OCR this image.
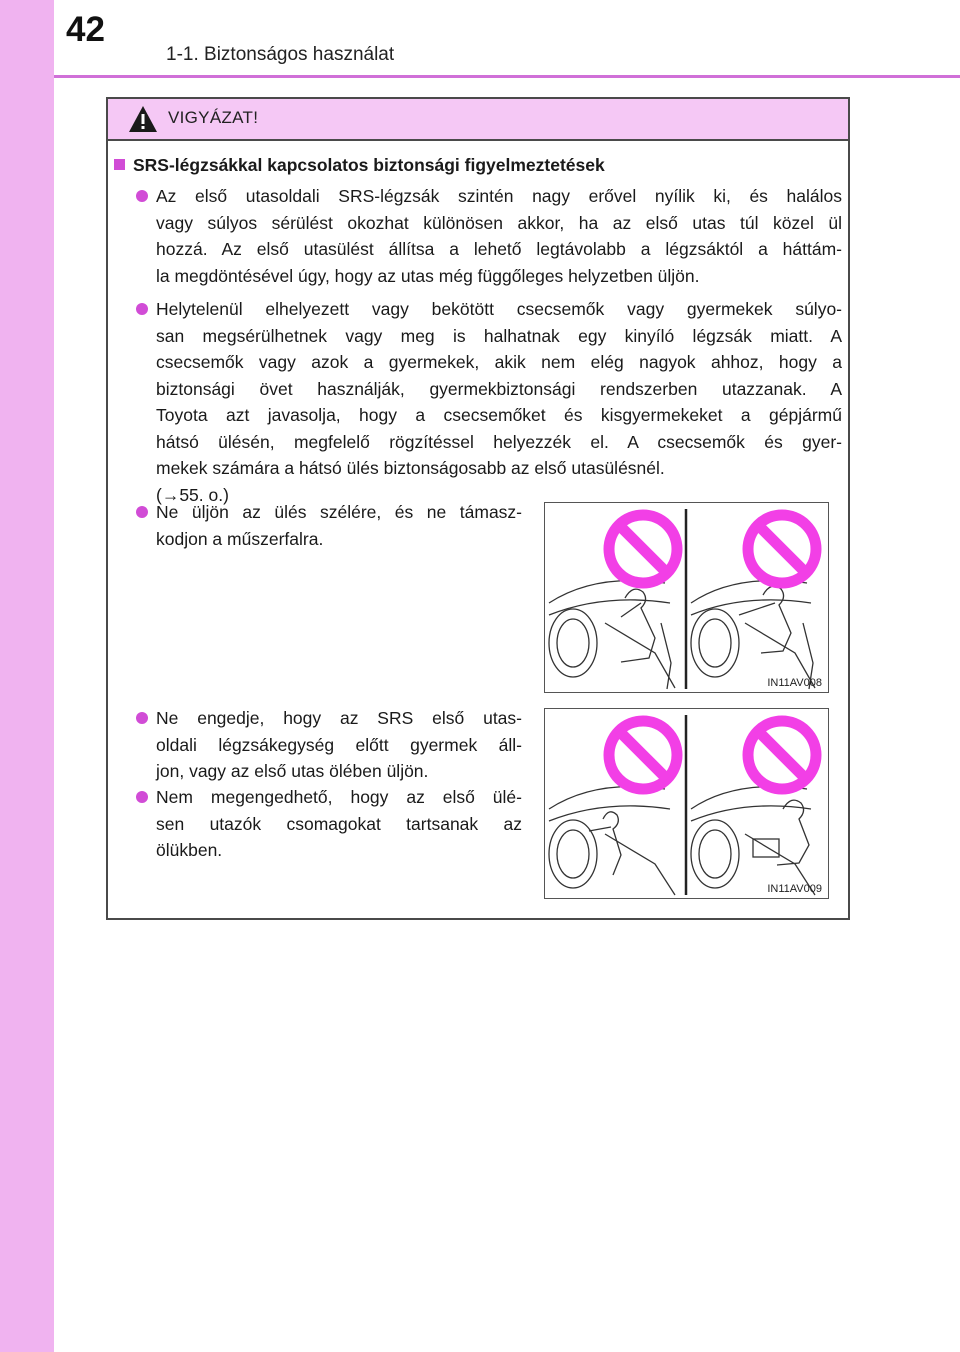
42
1-1. Biztonságos használat
VIGYÁZAT!
SRS-légzsákkal kapcsolatos biztonsági figyelmeztetések
Az első utasoldali SRS-légzsák szintén nagy erővel nyílik ki, és halálos
vagy súlyos sérülést okozhat különösen akkor, ha az első utas túl közel ül
hozzá. Az első utasülést állítsa a lehető legtávolabb a légzsáktól a háttám-
la megdöntésével úgy, hogy az utas még függőleges helyzetben üljön.
Helytelenül elhelyezett vagy bekötött csecsemők vagy gyermekek súlyo-
san megsérülhetnek vagy meg is halhatnak egy kinyíló légzsák miatt. A
csecsemők vagy azok a gyermekek, akik nem elég nagyok ahhoz, hogy a
biztonsági övet használják, gyermekbiztonsági rendszerben utazzanak. A
Toyota azt javasolja, hogy a csecsemőket és kisgyermekeket a gépjármű
hátsó ülésén, megfelelő rögzítéssel helyezzék el. A csecsemők és gyer-
mekek számára a hátsó ülés biztonságosabb az első utasülésnél.
(→55. o.)
Ne üljön az ülés szélére, és ne támasz-
kodjon a műszerfalra.
Ne engedje, hogy az SRS első utas-
oldali légzsákegység előtt gyermek áll-
jon, vagy az első utas ölében üljön.
Nem megengedhető, hogy az első ülé-
sen utazók csomagokat tartsanak az
ölükben.
IN11AV008
IN11AV009
